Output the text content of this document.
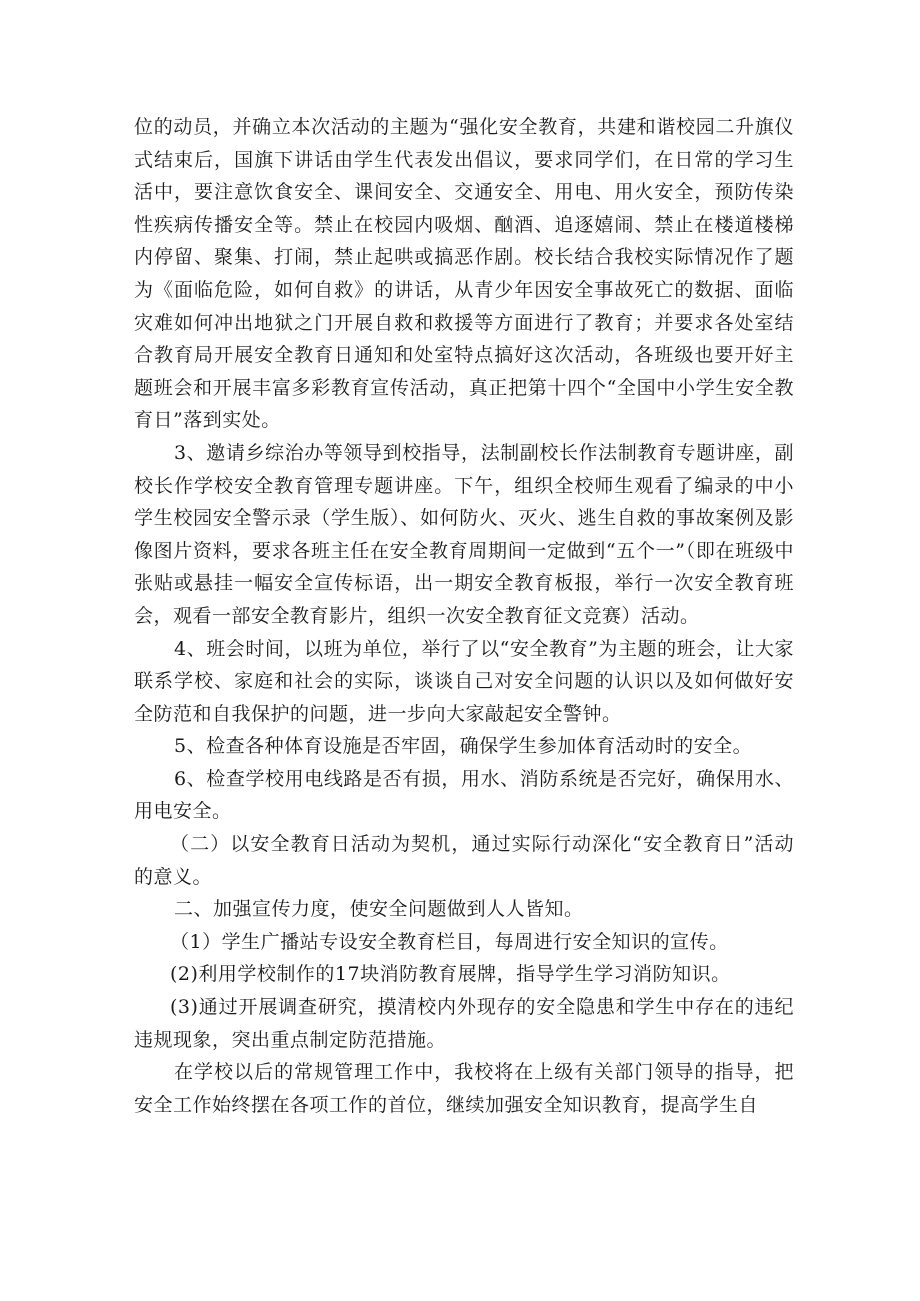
位的动员，并确立本次活动的主题为“强化安全教育，共建和谐校园二升旗仪式结束后，国旗下讲话由学生代表发出倡议，要求同学们，在日常的学习生活中，要注意饮食安全、课间安全、交通安全、用电、用火安全，预防传染性疾病传播安全等。禁止在校园内吸烟、酗酒、追逐嬉闹、禁止在楼道楼梯内停留、聚集、打闹，禁止起哄或搞恶作剧。校长结合我校实际情况作了题为《面临危险，如何自救》的讲话，从青少年因安全事故死亡的数据、面临灾难如何冲出地狱之门开展自救和救援等方面进行了教育；并要求各处室结合教育局开展安全教育日通知和处室特点搞好这次活动，各班级也要开好主题班会和开展丰富多彩教育宣传活动，真正把第十四个“全国中小学生安全教育日”落到实处。

3、邀请乡综治办等领导到校指导，法制副校长作法制教育专题讲座，副校长作学校安全教育管理专题讲座。下午，组织全校师生观看了编录的中小学生校园安全警示录（学生版）、如何防火、灭火、逃生自救的事故案例及影像图片资料，要求各班主任在安全教育周期间一定做到“五个一”（即在班级中张贴或悬挂一幅安全宣传标语，出一期安全教育板报，举行一次安全教育班会，观看一部安全教育影片，组织一次安全教育征文竞赛）活动。

4、班会时间，以班为单位，举行了以“安全教育”为主题的班会，让大家联系学校、家庭和社会的实际，谈谈自己对安全问题的认识以及如何做好安全防范和自我保护的问题，进一步向大家敲起安全警钟。

5、检查各种体育设施是否牢固，确保学生参加体育活动时的安全。

6、检查学校用电线路是否有损，用水、消防系统是否完好，确保用水、用电安全。

（二）以安全教育日活动为契机，通过实际行动深化“安全教育日”活动的意义。

二、加强宣传力度，使安全问题做到人人皆知。

（1）学生广播站专设安全教育栏目，每周进行安全知识的宣传。

(2)利用学校制作的17块消防教育展牌，指导学生学习消防知识。

(3)通过开展调查研究，摸清校内外现存的安全隐患和学生中存在的违纪违规现象，突出重点制定防范措施。

在学校以后的常规管理工作中，我校将在上级有关部门领导的指导，把安全工作始终摆在各项工作的首位，继续加强安全知识教育，提高学生自
